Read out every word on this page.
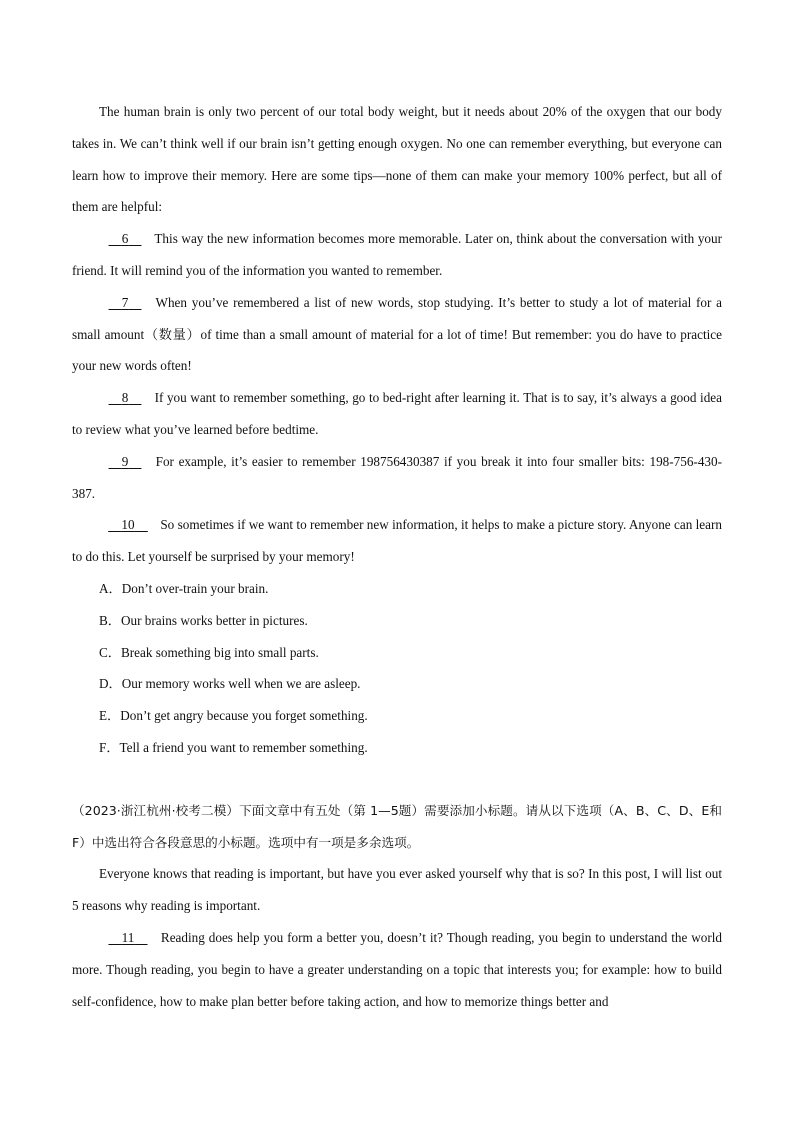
The human brain is only two percent of our total body weight, but it needs about 20% of the oxygen that our body takes in. We can’t think well if our brain isn’t getting enough oxygen. No one can remember everything, but everyone can learn how to improve their memory. Here are some tips—none of them can make your memory 100% perfect, but all of them are helpful:

6     This way the new information becomes more memorable. Later on, think about the conversation with your friend. It will remind you of the information you wanted to remember.

7     When you’ve remembered a list of new words, stop studying. It’s better to study a lot of material for a small amount（数量）of time than a small amount of material for a lot of time! But remember: you do have to practice your new words often!

8     If you want to remember something, go to bed-right after learning it. That is to say, it’s always a good idea to review what you’ve learned before bedtime.

9     For example, it’s easier to remember 198756430387 if you break it into four smaller bits: 198-756-430-387.

10     So sometimes if we want to remember new information, it helps to make a picture story. Anyone can learn to do this. Let yourself be surprised by your memory!

A．Don’t over-train your brain.

B．Our brains works better in pictures.

C．Break something big into small parts.

D．Our memory works well when we are asleep.

E．Don’t get angry because you forget something.

F．Tell a friend you want to remember something.

（2023·浙江杭州·校考二模）下面文章中有五处（第 1—5题）需要添加小标题。请从以下选项（A、B、C、D、E和F）中选出符合各段意思的小标题。选项中有一项是多余选项。

Everyone knows that reading is important, but have you ever asked yourself why that is so? In this post, I will list out 5 reasons why reading is important.

11     Reading does help you form a better you, doesn’t it? Though reading, you begin to understand the world more. Though reading, you begin to have a greater understanding on a topic that interests you; for example: how to build self-confidence, how to make plan better before taking action, and how to memorize things better and
